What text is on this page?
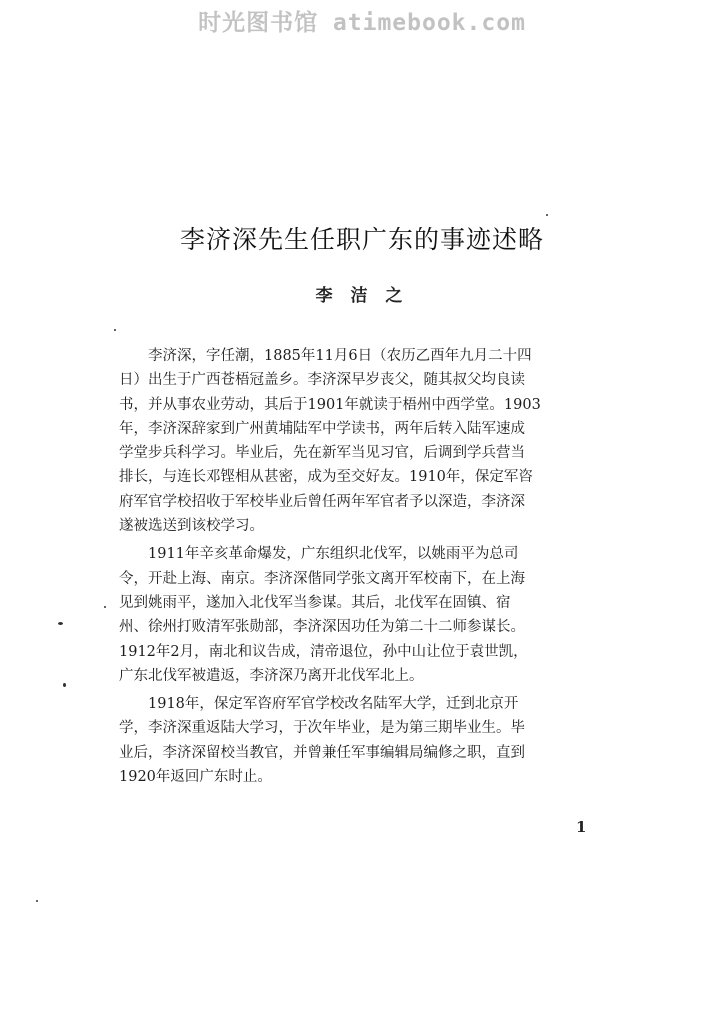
时光图书馆 atimebook.com
李济深先生任职广东的事迹述略
李 洁 之
　　李济深，字任潮，1885年11月6日（农历乙酉年九月二十四
日）出生于广西苍梧冠盖乡。李济深早岁丧父，随其叔父均良读
书，并从事农业劳动，其后于1901年就读于梧州中西学堂。1903
年，李济深辞家到广州黄埔陆军中学读书，两年后转入陆军速成
学堂步兵科学习。毕业后，先在新军当见习官，后调到学兵营当
排长，与连长邓铿相从甚密，成为至交好友。1910年，保定军咨
府军官学校招收于军校毕业后曾任两年军官者予以深造，李济深
遂被选送到该校学习。
　　1911年辛亥革命爆发，广东组织北伐军，以姚雨平为总司
令，开赴上海、南京。李济深偕同学张文离开军校南下，在上海
见到姚雨平，遂加入北伐军当参谋。其后，北伐军在固镇、宿
州、徐州打败清军张勋部，李济深因功任为第二十二师参谋长。
1912年2月，南北和议告成，清帝退位，孙中山让位于袁世凯，
广东北伐军被遣返，李济深乃离开北伐军北上。
　　1918年，保定军咨府军官学校改名陆军大学，迁到北京开
学，李济深重返陆大学习，于次年毕业，是为第三期毕业生。毕
业后，李济深留校当教官，并曾兼任军事编辑局编修之职，直到
1920年返回广东时止。
1
